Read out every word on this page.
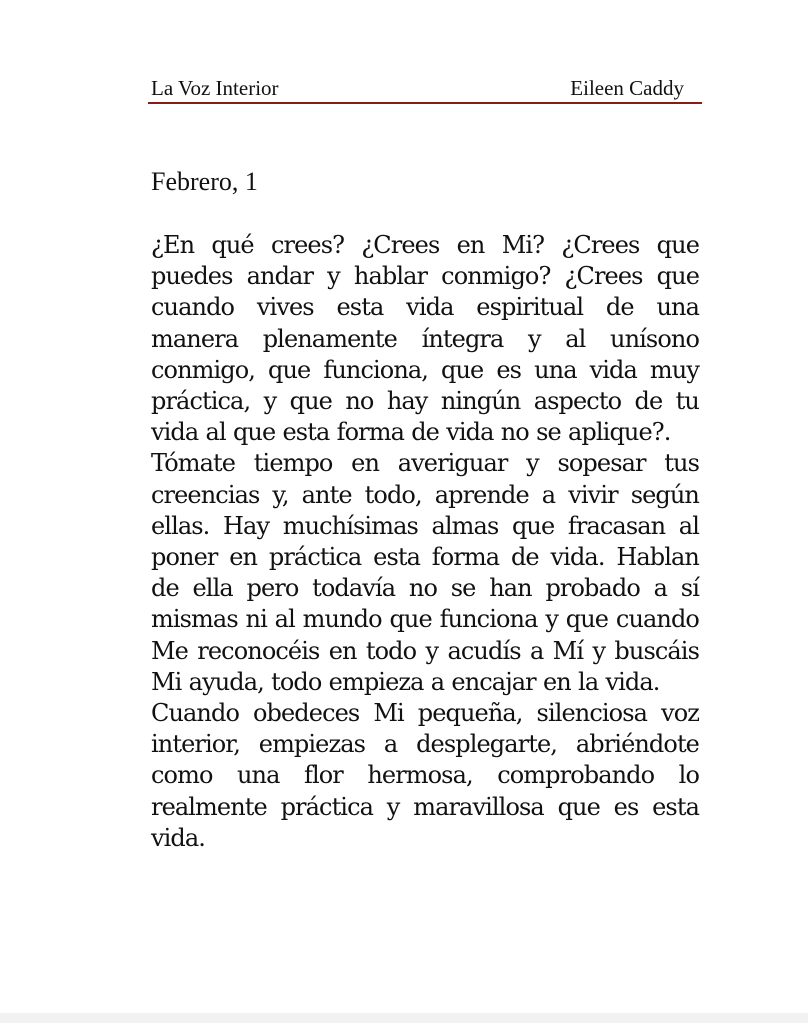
La Voz Interior	Eileen Caddy
Febrero, 1

¿En qué crees? ¿Crees en Mi? ¿Crees que puedes andar y hablar conmigo? ¿Crees que cuando vives esta vida espiritual de una manera plenamente íntegra y al unísono conmigo, que funciona, que es una vida muy práctica, y que no hay ningún aspecto de tu vida al que esta forma de vida no se aplique?.

Tómate tiempo en averiguar y sopesar tus creencias y, ante todo, aprende a vivir según ellas. Hay muchísimas almas que fracasan al poner en práctica esta forma de vida. Hablan de ella pero todavía no se han probado a sí mismas ni al mundo que funciona y que cuando Me reconocéis en todo y acudís a Mí y buscáis Mi ayuda, todo empieza a encajar en la vida.

Cuando obedeces Mi pequeña, silenciosa voz interior, empiezas a desplegarte, abriéndote como una flor hermosa, comprobando lo realmente práctica y maravillosa que es esta vida.
